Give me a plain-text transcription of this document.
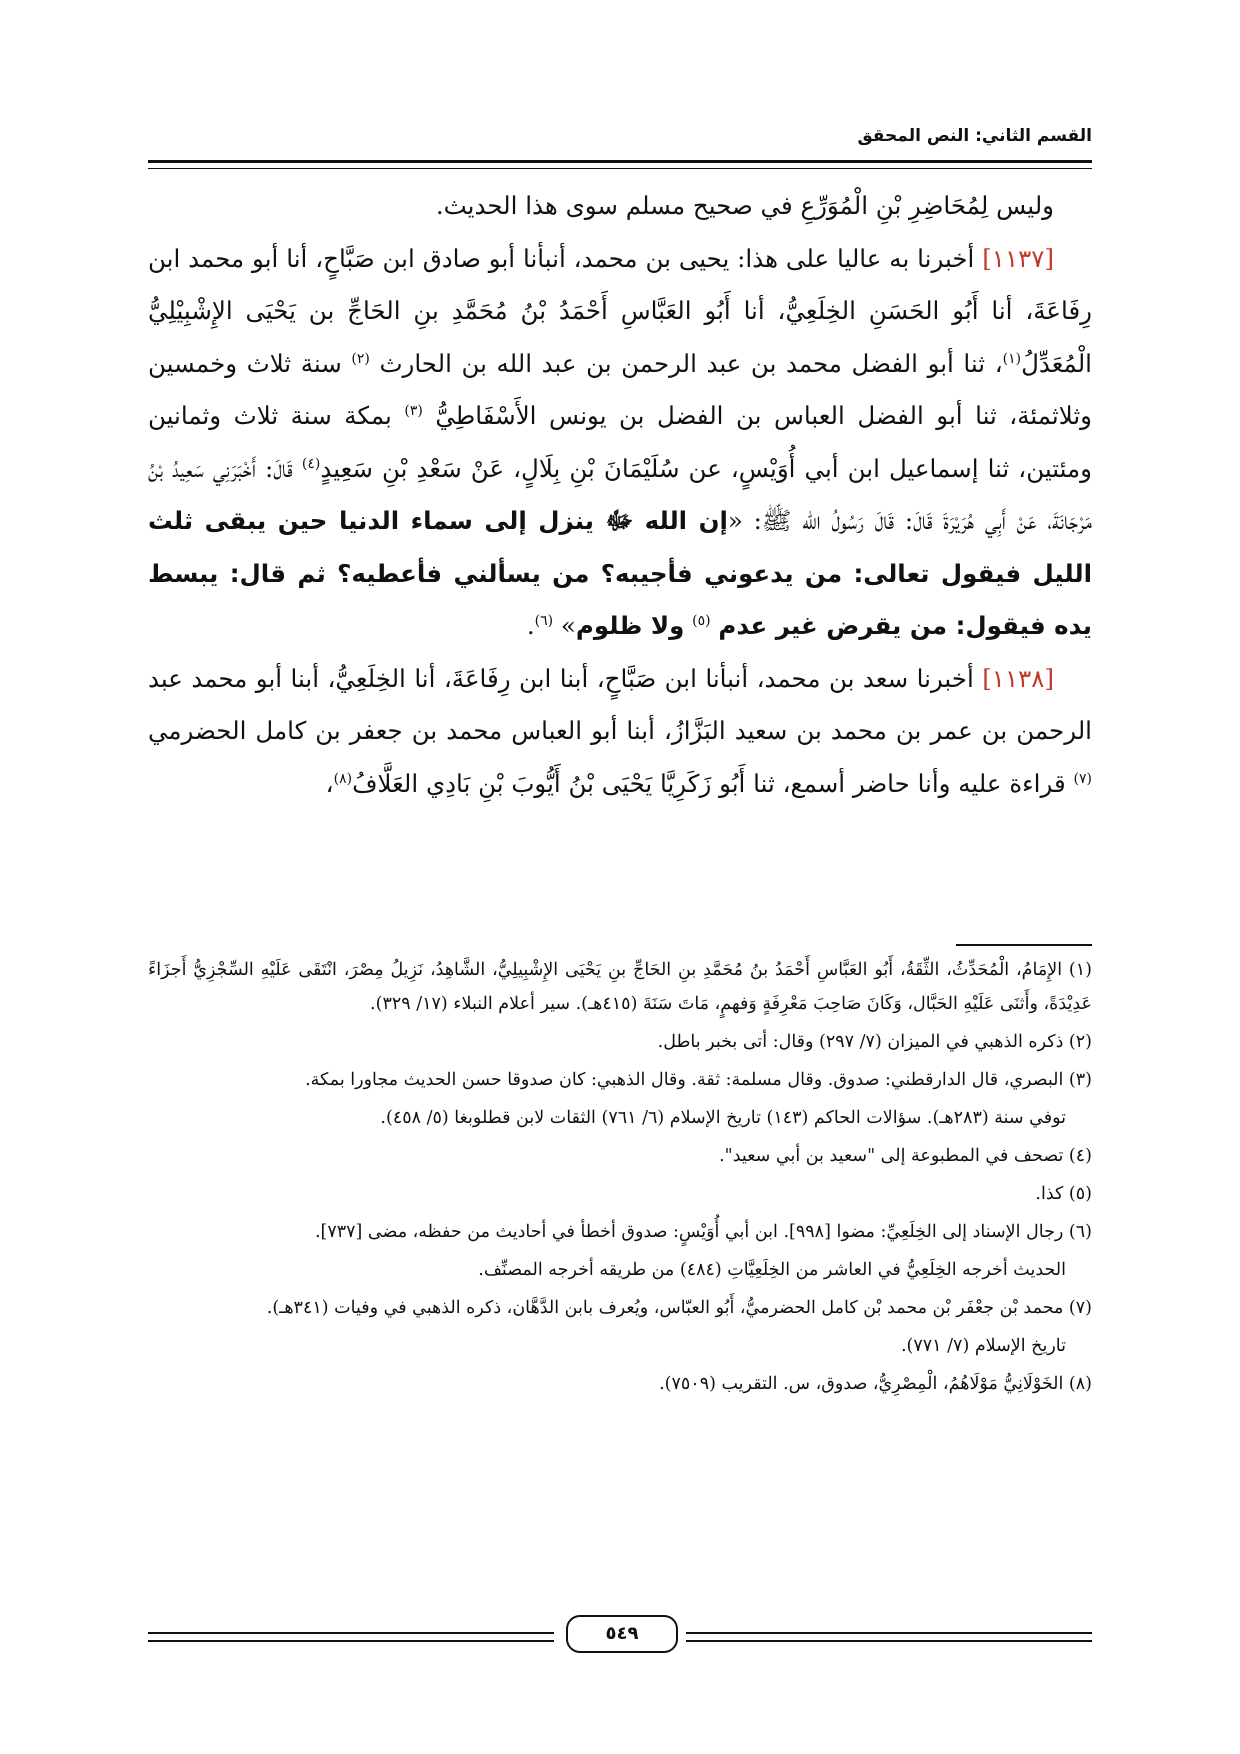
القسم الثاني: النص المحقق

وليس لِمُحَاضِرِ بْنِ الْمُوَرِّعِ في صحيح مسلم سوى هذا الحديث.

[١١٣٧] أخبرنا به عاليا على هذا: يحيى بن محمد، أنبأنا أبو صادق ابن صَبَّاحٍ، أنا أبو محمد ابن رِفَاعَةَ، أنا أَبُو الحَسَنِ الخِلَعِيُّ، أنا أَبُو العَبَّاسِ أَحْمَدُ بْنُ مُحَمَّدِ بنِ الحَاجِّ بن يَحْيَى الإِشْبِيْلِيُّ الْمُعَدِّلُ$^{(١)}$، ثنا أبو الفضل محمد بن عبد الرحمن بن عبد الله بن الحارث $^{(٢)}$ سنة ثلاث وخمسين وثلاثمئة، ثنا أبو الفضل العباس بن الفضل بن يونس الأَسْفَاطِيُّ $^{(٣)}$ بمكة سنة ثلاث وثمانين ومئتين، ثنا إسماعيل ابن أبي أُوَيْسٍ، عن سُلَيْمَانَ بْنِ بِلَالٍ، عَنْ سَعْدِ بْنِ سَعِيدٍ$^{(٤)}$ قَالَ: أَخْبَرَنِي سَعِيدُ بْنُ مَرْجَانَةَ، عَنْ أَبِي هُرَيْرَةَ قَالَ: قَالَ رَسُولُ الله ﷺ: «إن الله ﷻ ينزل إلى سماء الدنيا حين يبقى ثلث الليل فيقول تعالى: من يدعوني فأجيبه؟ من يسألني فأعطيه؟ ثم قال: يبسط يده فيقول: من يقرض غير عدم $^{(٥)}$ ولا ظلوم» $^{(٦)}$.

[١١٣٨] أخبرنا سعد بن محمد، أنبأنا ابن صَبَّاحٍ، أبنا ابن رِفَاعَةَ، أنا الخِلَعِيُّ، أبنا أبو محمد عبد الرحمن بن عمر بن محمد بن سعيد البَزَّازُ، أبنا أبو العباس محمد بن جعفر بن كامل الحضرمي $^{(٧)}$ قراءة عليه وأنا حاضر أسمع، ثنا أَبُو زَكَرِيَّا يَحْيَى بْنُ أَيُّوبَ بْنِ بَادِي العَلَّافُ$^{(٨)}$،

(١) الإِمَامُ، الْمُحَدِّثُ، الثِّقَةُ، أَبُو العَبَّاسِ أَحْمَدُ بنُ مُحَمَّدِ بنِ الحَاجِّ بنِ يَحْيَى الإِشْبِيلِيُّ، الشَّاهِدُ، نَزِيلُ مِصْرَ، انْتَقَى عَلَيْهِ السِّجْزِيُّ أَجزَاءً عَدِيْدَةً، وأَثنَى عَلَيْهِ الحَبَّال، وَكَانَ صَاحِبَ مَعْرِفَةٍ وَفهمٍ، مَاتَ سَنَةَ (٤١٥هـ). سير أعلام النبلاء (١٧/ ٣٢٩).

(٢) ذكره الذهبي في الميزان (٧/ ٢٩٧) وقال: أتى بخبر باطل.

(٣) البصري، قال الدارقطني: صدوق. وقال مسلمة: ثقة. وقال الذهبي: كان صدوقا حسن الحديث مجاورا بمكة.

توفي سنة (٢٨٣هـ). سؤالات الحاكم (١٤٣) تاريخ الإسلام (٦/ ٧٦١) الثقات لابن قطلوبغا (٥/ ٤٥٨).

(٤) تصحف في المطبوعة إلى "سعيد بن أبي سعيد".

(٥) كذا.

(٦) رجال الإسناد إلى الخِلَعِيِّ: مضوا [٩٩٨]. ابن أبي أُوَيْسٍ: صدوق أخطأ في أحاديث من حفظه، مضى [٧٣٧].

الحديث أخرجه الخِلَعِيُّ في العاشر من الخِلَعِيَّاتِ (٤٨٤) من طريقه أخرجه المصنِّف.

(٧) محمد بْن جعْفَر بْن محمد بْن كامل الحضرميُّ، أَبُو العبّاس، ويُعرف بابن الدَّهَّان، ذكره الذهبي في وفيات (٣٤١هـ).

تاريخ الإسلام (٧/ ٧٧١).

(٨) الخَوْلَانِيُّ مَوْلَاهُمُ، الْمِصْرِيُّ، صدوق، س. التقريب (٧٥٠٩).

٥٤٩
